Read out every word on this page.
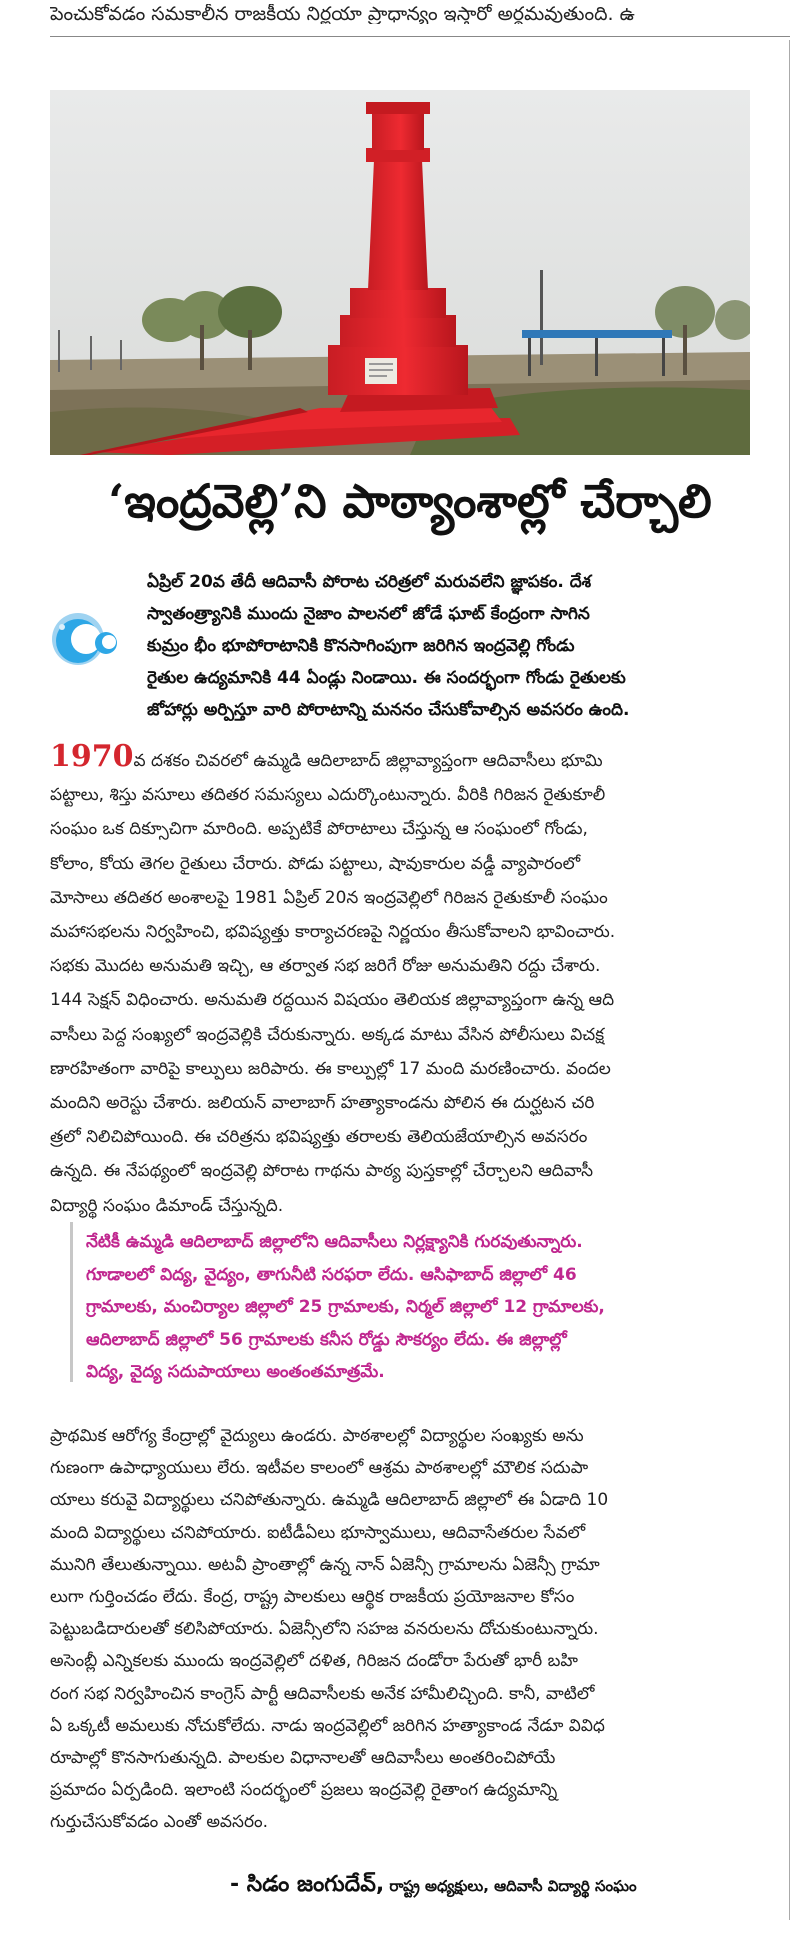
పెంచుకోవడం సమకాలీన రాజకీయ నిర్ణయా ప్రాధాన్యం ఇస్తారో అర్థమవుతుంది. ఉ
‘ఇంద్రవెల్లి’ని పాఠ్యాంశాల్లో చేర్చాలి

ఏప్రిల్ 20వ తేదీ ఆదివాసీ పోరాట చరిత్రలో మరువలేని జ్ఞాపకం. దేశ

స్వాతంత్ర్యానికి ముందు నైజాం పాలనలో జోడే ఘాట్ కేంద్రంగా సాగిన

కుమ్రం భీం భూపోరాటానికి కొనసాగింపుగా జరిగిన ఇంద్రవెల్లి గోండు

రైతుల ఉద్యమానికి 44 ఏండ్లు నిండాయి. ఈ సందర్భంగా గోండు రైతులకు

జోహార్లు అర్పిస్తూ వారి పోరాటాన్ని మననం చేసుకోవాల్సిన అవసరం ఉంది.

1970వ దశకం చివరలో ఉమ్మడి ఆదిలాబాద్ జిల్లావ్యాప్తంగా ఆదివాసీలు భూమి

పట్టాలు, శిస్తు వసూలు తదితర సమస్యలు ఎదుర్కొంటున్నారు. వీరికి గిరిజన రైతుకూలీ

సంఘం ఒక దిక్సూచిగా మారింది. అప్పటికే పోరాటాలు చేస్తున్న ఆ సంఘంలో గోండు,

కోలాం, కోయ తెగల రైతులు చేరారు. పోడు పట్టాలు, షావుకారుల వడ్డీ వ్యాపారంలో

మోసాలు తదితర అంశాలపై 1981 ఏప్రిల్ 20న ఇంద్రవెల్లిలో గిరిజన రైతుకూలీ సంఘం

మహాసభలను నిర్వహించి, భవిష్యత్తు కార్యాచరణపై నిర్ణయం తీసుకోవాలని భావించారు.

సభకు మొదట అనుమతి ఇచ్చి, ఆ తర్వాత సభ జరిగే రోజు అనుమతిని రద్దు చేశారు.

144 సెక్షన్ విధించారు. అనుమతి రద్దయిన విషయం తెలియక జిల్లావ్యాప్తంగా ఉన్న ఆది

వాసీలు పెద్ద సంఖ్యలో ఇంద్రవెల్లికి చేరుకున్నారు. అక్కడ మాటు వేసిన పోలీసులు విచక్ష

ణారహితంగా వారిపై కాల్పులు జరిపారు. ఈ కాల్పుల్లో 17 మంది మరణించారు. వందల

మందిని అరెస్టు చేశారు. జలియన్ వాలాబాగ్ హత్యాకాండను పోలిన ఈ దుర్ఘటన చరి

త్రలో నిలిచిపోయింది. ఈ చరిత్రను భవిష్యత్తు తరాలకు తెలియజేయాల్సిన అవసరం

ఉన్నది. ఈ నేపథ్యంలో ఇంద్రవెల్లి పోరాట గాథను పాఠ్య పుస్తకాల్లో చేర్చాలని ఆదివాసీ

విద్యార్థి సంఘం డిమాండ్ చేస్తున్నది.

నేటికీ ఉమ్మడి ఆదిలాబాద్ జిల్లాలోని ఆదివాసీలు నిర్లక్ష్యానికి గురవుతున్నారు.

గూడాలలో విద్య, వైద్యం, తాగునీటి సరఫరా లేదు. ఆసిఫాబాద్ జిల్లాలో 46

గ్రామాలకు, మంచిర్యాల జిల్లాలో 25 గ్రామాలకు, నిర్మల్ జిల్లాలో 12 గ్రామాలకు,

ఆదిలాబాద్ జిల్లాలో 56 గ్రామాలకు కనీస రోడ్డు సౌకర్యం లేదు. ఈ జిల్లాల్లో

విద్య, వైద్య సదుపాయాలు అంతంతమాత్రమే.

ప్రాథమిక ఆరోగ్య కేంద్రాల్లో వైద్యులు ఉండరు. పాఠశాలల్లో విద్యార్థుల సంఖ్యకు అను

గుణంగా ఉపాధ్యాయులు లేరు. ఇటీవల కాలంలో ఆశ్రమ పాఠశాలల్లో మౌలిక సదుపా

యాలు కరువై విద్యార్థులు చనిపోతున్నారు. ఉమ్మడి ఆదిలాబాద్ జిల్లాలో ఈ ఏడాది 10

మంది విద్యార్థులు చనిపోయారు. ఐటీడీఏలు భూస్వాములు, ఆదివాసేతరుల సేవలో

మునిగి తేలుతున్నాయి. అటవీ ప్రాంతాల్లో ఉన్న నాన్ ఏజెన్సీ గ్రామాలను ఏజెన్సీ గ్రామా

లుగా గుర్తించడం లేదు. కేంద్ర, రాష్ట్ర పాలకులు ఆర్థిక రాజకీయ ప్రయోజనాల కోసం

పెట్టుబడిదారులతో కలిసిపోయారు. ఏజెన్సీలోని సహజ వనరులను దోచుకుంటున్నారు.

అసెంబ్లీ ఎన్నికలకు ముందు ఇంద్రవెల్లిలో దళిత, గిరిజన దండోరా పేరుతో భారీ బహి

రంగ సభ నిర్వహించిన కాంగ్రెస్ పార్టీ ఆదివాసీలకు అనేక హామీలిచ్చింది. కానీ, వాటిలో

ఏ ఒక్కటీ అమలుకు నోచుకోలేదు. నాడు ఇంద్రవెల్లిలో జరిగిన హత్యాకాండ నేడూ వివిధ

రూపాల్లో కొనసాగుతున్నది. పాలకుల విధానాలతో ఆదివాసీలు అంతరించిపోయే

ప్రమాదం ఏర్పడింది. ఇలాంటి సందర్భంలో ప్రజలు ఇంద్రవెల్లి రైతాంగ ఉద్యమాన్ని

గుర్తుచేసుకోవడం ఎంతో అవసరం.

- సిడం జంగుదేవ్, రాష్ట్ర అధ్యక్షులు, ఆదివాసీ విద్యార్థి సంఘం
